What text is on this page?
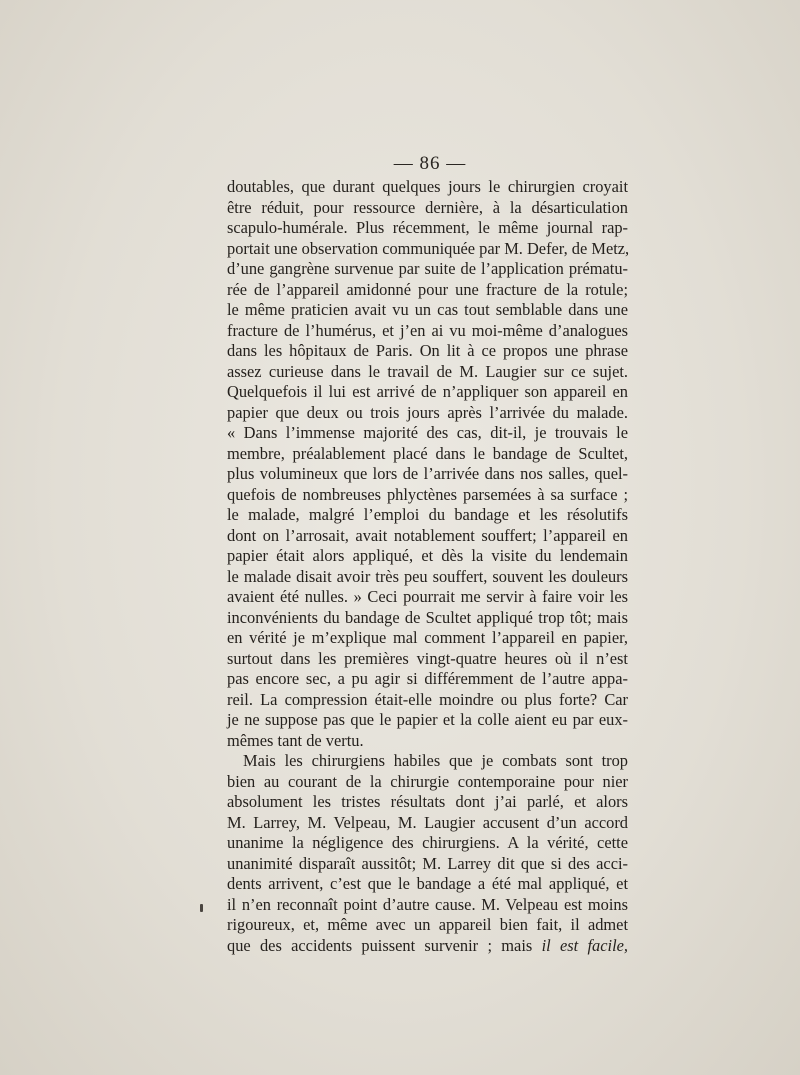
— 86 —
doutables, que durant quelques jours le chirurgien croyait
être réduit, pour ressource dernière, à la désarticulation
scapulo-humérale. Plus récemment, le même journal rap-
portait une observation communiquée par M. Defer, de Metz,
d’une gangrène survenue par suite de l’application prématu-
rée de l’appareil amidonné pour une fracture de la rotule;
le même praticien avait vu un cas tout semblable dans une
fracture de l’humérus, et j’en ai vu moi-même d’analogues
dans les hôpitaux de Paris. On lit à ce propos une phrase
assez curieuse dans le travail de M. Laugier sur ce sujet.
Quelquefois il lui est arrivé de n’appliquer son appareil en
papier que deux ou trois jours après l’arrivée du malade.
« Dans l’immense majorité des cas, dit-il, je trouvais le
membre, préalablement placé dans le bandage de Scultet,
plus volumineux que lors de l’arrivée dans nos salles, quel-
quefois de nombreuses phlyctènes parsemées à sa surface ;
le malade, malgré l’emploi du bandage et les résolutifs
dont on l’arrosait, avait notablement souffert; l’appareil en
papier était alors appliqué, et dès la visite du lendemain
le malade disait avoir très peu souffert, souvent les douleurs
avaient été nulles. » Ceci pourrait me servir à faire voir les
inconvénients du bandage de Scultet appliqué trop tôt; mais
en vérité je m’explique mal comment l’appareil en papier,
surtout dans les premières vingt-quatre heures où il n’est
pas encore sec, a pu agir si différemment de l’autre appa-
reil. La compression était-elle moindre ou plus forte? Car
je ne suppose pas que le papier et la colle aient eu par eux-
mêmes tant de vertu.
Mais les chirurgiens habiles que je combats sont trop
bien au courant de la chirurgie contemporaine pour nier
absolument les tristes résultats dont j’ai parlé, et alors
M. Larrey, M. Velpeau, M. Laugier accusent d’un accord
unanime la négligence des chirurgiens. A la vérité, cette
unanimité disparaît aussitôt; M. Larrey dit que si des acci-
dents arrivent, c’est que le bandage a été mal appliqué, et
il n’en reconnaît point d’autre cause. M. Velpeau est moins
rigoureux, et, même avec un appareil bien fait, il admet
que des accidents puissent survenir ; mais il est facile,
